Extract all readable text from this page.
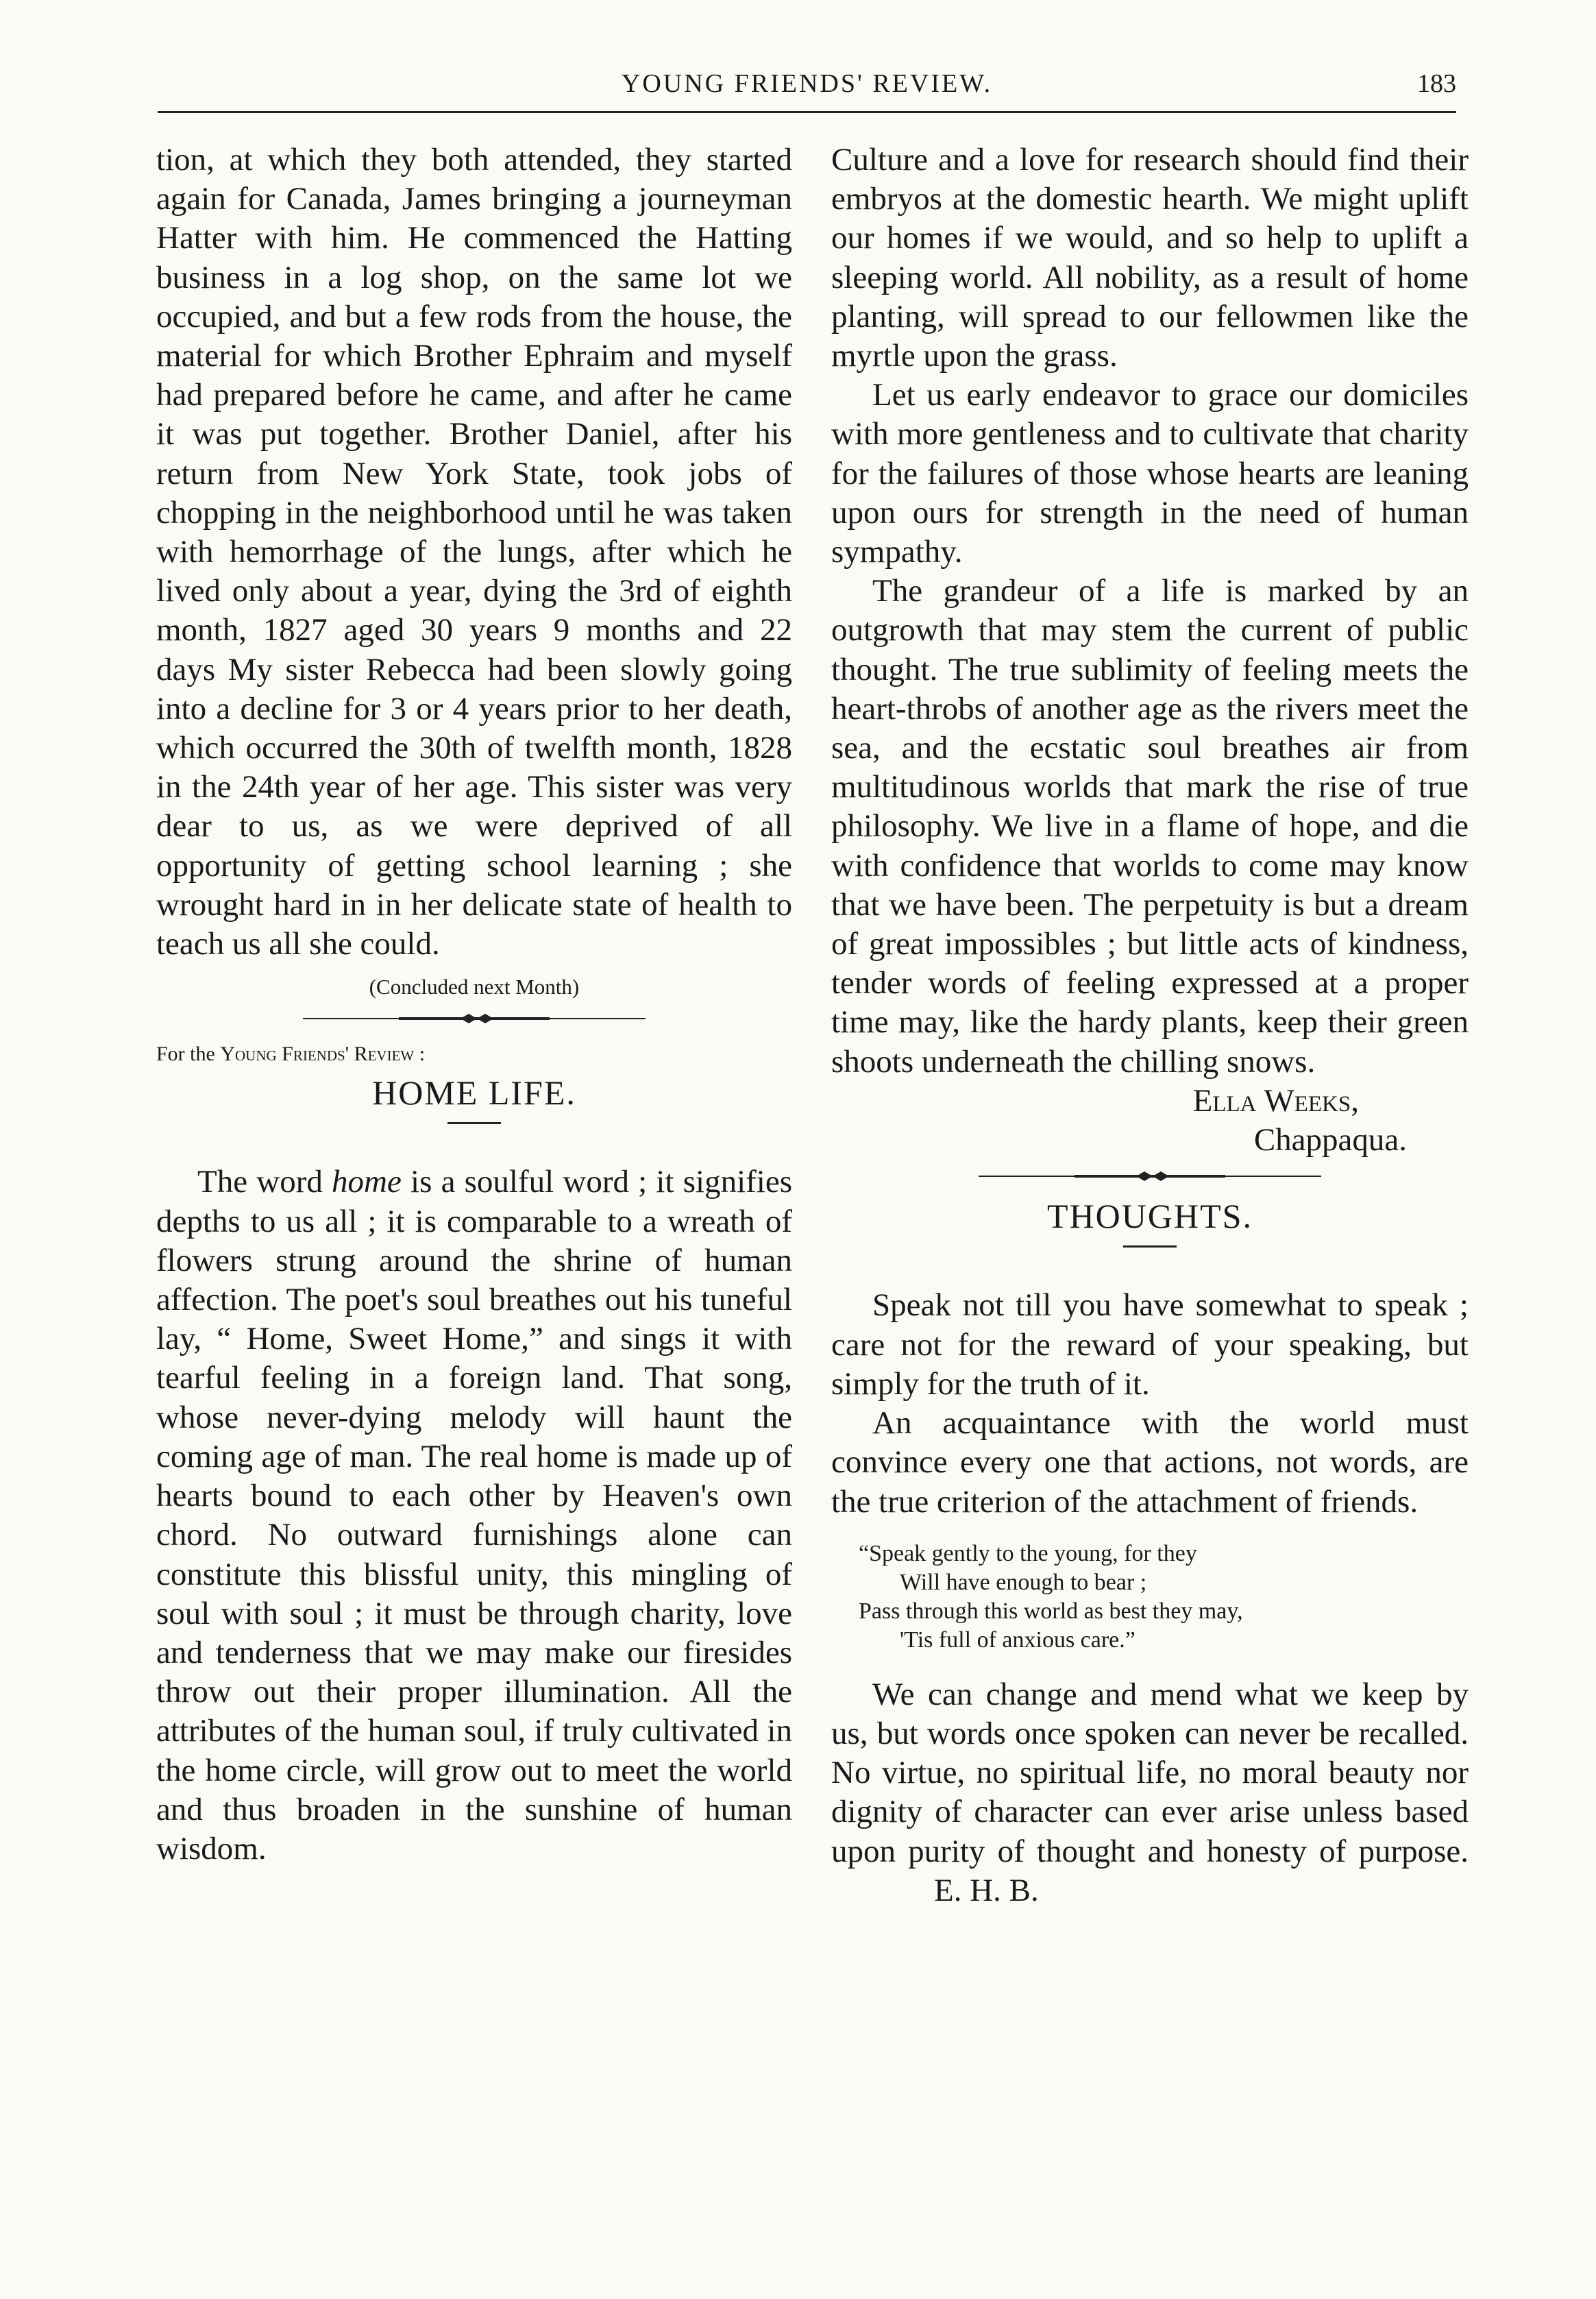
YOUNG FRIENDS' REVIEW.	183

tion, at which they both attended, they started again for Canada, James bringing a journeyman Hatter with him. He commenced the Hatting business in a log shop, on the same lot we occupied, and but a few rods from the house, the material for which Brother Ephraim and myself had prepared before he came, and after he came it was put together. Brother Daniel, after his return from New York State, took jobs of chopping in the neighborhood until he was taken with hemorrhage of the lungs, after which he lived only about a year, dying the 3rd of eighth month, 1827 aged 30 years 9 months and 22 days My sister Rebecca had been slowly going into a decline for 3 or 4 years prior to her death, which occurred the 30th of twelfth month, 1828 in the 24th year of her age. This sister was very dear to us, as we were deprived of all opportunity of getting school learning ; she wrought hard in in her delicate state of health to teach us all she could.

(Concluded next Month)
For the Young Friends' Review :
HOME LIFE.

The word home is a soulful word ; it signifies depths to us all ; it is comparable to a wreath of flowers strung around the shrine of human affection. The poet's soul breathes out his tuneful lay, “ Home, Sweet Home,” and sings it with tearful feeling in a foreign land. That song, whose never-dying melody will haunt the coming age of man. The real home is made up of hearts bound to each other by Heaven's own chord. No outward furnishings alone can constitute this blissful unity, this mingling of soul with soul ; it must be through charity, love and tenderness that we may make our firesides throw out their proper illumination. All the attributes of the human soul, if truly cultivated in the home circle, will grow out to meet the world and thus broaden in the sunshine of human wisdom.

Culture and a love for research should find their embryos at the domestic hearth. We might uplift our homes if we would, and so help to uplift a sleeping world. All nobility, as a result of home planting, will spread to our fellowmen like the myrtle upon the grass.

Let us early endeavor to grace our domiciles with more gentleness and to cultivate that charity for the failures of those whose hearts are leaning upon ours for strength in the need of human sympathy.

The grandeur of a life is marked by an outgrowth that may stem the current of public thought. The true sublimity of feeling meets the heart-throbs of another age as the rivers meet the sea, and the ecstatic soul breathes air from multitudinous worlds that mark the rise of true philosophy. We live in a flame of hope, and die with confidence that worlds to come may know that we have been. The perpetuity is but a dream of great impossibles ; but little acts of kindness, tender words of feeling expressed at a proper time may, like the hardy plants, keep their green shoots underneath the chilling snows.

Ella Weeks,
Chappaqua.
THOUGHTS.

Speak not till you have somewhat to speak ; care not for the reward of your speaking, but simply for the truth of it.

An acquaintance with the world must convince every one that actions, not words, are the true criterion of the attachment of friends.

“Speak gently to the young, for they
Will have enough to bear ;
Pass through this world as best they may,
'Tis full of anxious care.”

We can change and mend what we keep by us, but words once spoken can never be recalled. No virtue, no spiritual life, no moral beauty nor dignity of character can ever arise unless based upon purity of thought and honesty of purpose. E. H. B.
